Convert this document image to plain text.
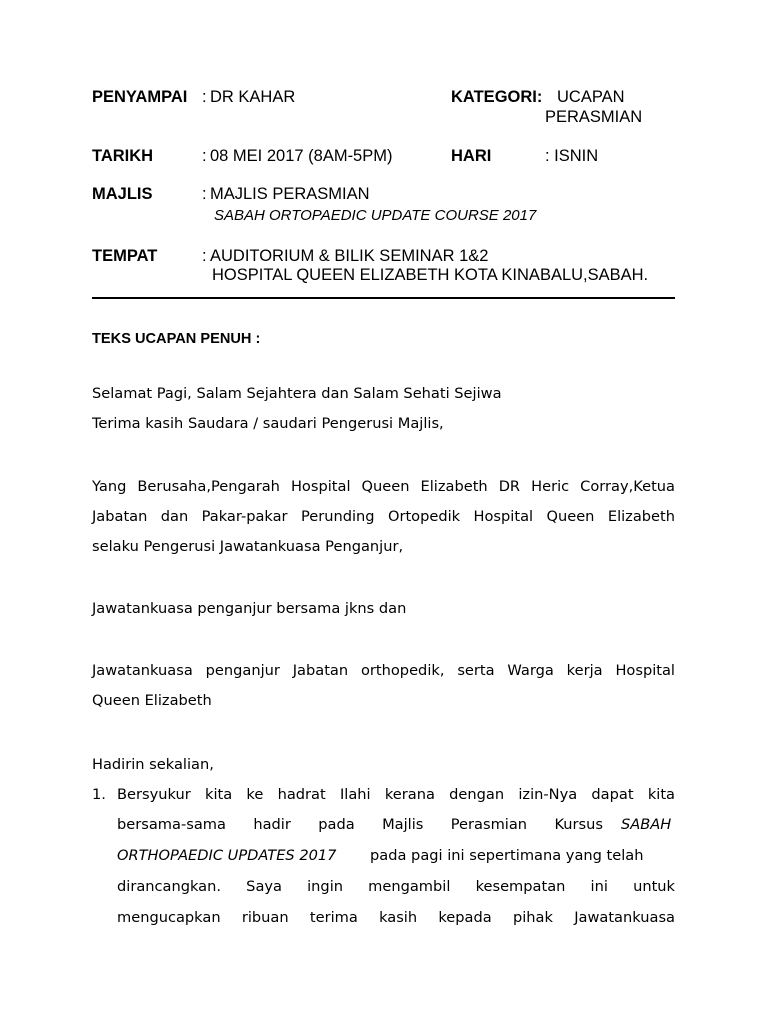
PENYAMPAI : DR KAHAR	KATEGORI: UCAPAN
PERASMIAN
TARIKH	: 08 MEI 2017 (8AM-5PM)	HARI	: ISNIN
MAJLIS	: MAJLIS PERASMIAN
SABAH ORTOPAEDIC UPDATE COURSE 2017
TEMPAT	: AUDITORIUM & BILIK SEMINAR 1&2
HOSPITAL QUEEN ELIZABETH KOTA KINABALU,SABAH.
TEKS UCAPAN PENUH :
Selamat Pagi, Salam Sejahtera dan Salam Sehati Sejiwa
Terima kasih Saudara / saudari Pengerusi Majlis,
Yang Berusaha,Pengarah Hospital Queen Elizabeth DR Heric Corray,Ketua
Jabatan dan Pakar-pakar Perunding Ortopedik Hospital Queen Elizabeth
selaku Pengerusi Jawatankuasa Penganjur,
Jawatankuasa penganjur bersama jkns dan
Jawatankuasa penganjur Jabatan orthopedik, serta Warga kerja Hospital
Queen Elizabeth
Hadirin sekalian,
1. Bersyukur kita ke hadrat Ilahi kerana dengan izin-Nya dapat kita
bersama-sama hadir pada Majlis Perasmian Kursus SABAH
ORTHOPAEDIC UPDATES 2017 pada pagi ini sepertimana yang telah
dirancangkan. Saya ingin mengambil kesempatan ini untuk
mengucapkan ribuan terima kasih kepada pihak Jawatankuasa
